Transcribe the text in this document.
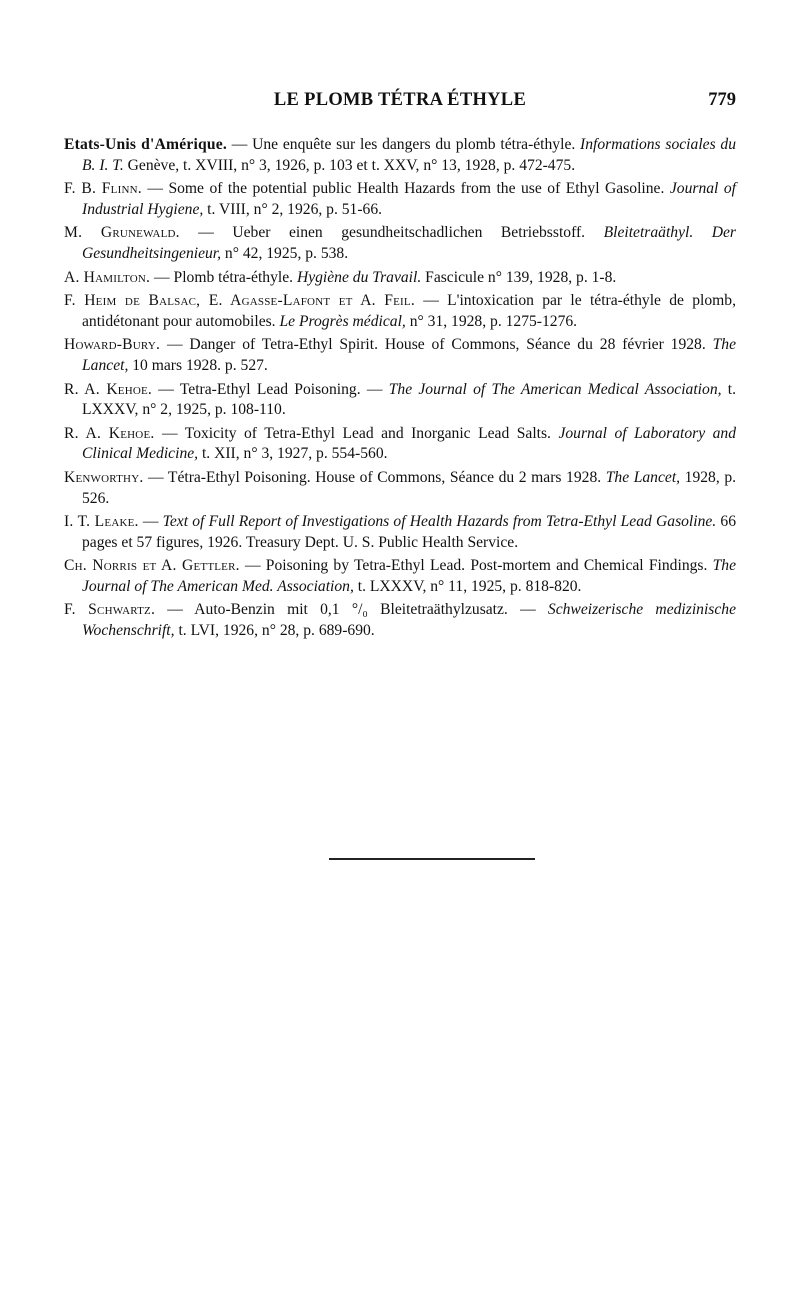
LE PLOMB TÉTRA ÉTHYLE	779

Etats-Unis d'Amérique. — Une enquête sur les dangers du plomb tétra-éthyle. Informations sociales du B. I. T. Genève, t. XVIII, n° 3, 1926, p. 103 et t. XXV, n° 13, 1928, p. 472-475.

F. B. Flinn. — Some of the potential public Health Hazards from the use of Ethyl Gasoline. Journal of Industrial Hygiene, t. VIII, n° 2, 1926, p. 51-66.

M. Grunewald. — Ueber einen gesundheitschadlichen Betriebsstoff. Bleitetraäthyl. Der Gesundheitsingenieur, n° 42, 1925, p. 538.

A. Hamilton. — Plomb tétra-éthyle. Hygiène du Travail. Fascicule n° 139, 1928, p. 1-8.

F. Heim de Balsac, E. Agasse-Lafont et A. Feil. — L'intoxication par le tétra-éthyle de plomb, antidétonant pour automobiles. Le Progrès médical, n° 31, 1928, p. 1275-1276.

Howard-Bury. — Danger of Tetra-Ethyl Spirit. House of Commons, Séance du 28 février 1928. The Lancet, 10 mars 1928. p. 527.

R. A. Kehoe. — Tetra-Ethyl Lead Poisoning. — The Journal of The American Medical Association, t. LXXXV, n° 2, 1925, p. 108-110.

R. A. Kehoe. — Toxicity of Tetra-Ethyl Lead and Inorganic Lead Salts. Journal of Laboratory and Clinical Medicine, t. XII, n° 3, 1927, p. 554-560.

Kenworthy. — Tétra-Ethyl Poisoning. House of Commons, Séance du 2 mars 1928. The Lancet, 1928, p. 526.

I. T. Leake. — Text of Full Report of Investigations of Health Hazards from Tetra-Ethyl Lead Gasoline. 66 pages et 57 figures, 1926. Treasury Dept. U. S. Public Health Service.

Ch. Norris et A. Gettler. — Poisoning by Tetra-Ethyl Lead. Post-mortem and Chemical Findings. The Journal of The American Med. Association, t. LXXXV, n° 11, 1925, p. 818-820.

F. Schwartz. — Auto-Benzin mit 0,1 °/₀ Bleitetraäthylzusatz. — Schweizerische medizinische Wochenschrift, t. LVI, 1926, n° 28, p. 689-690.
